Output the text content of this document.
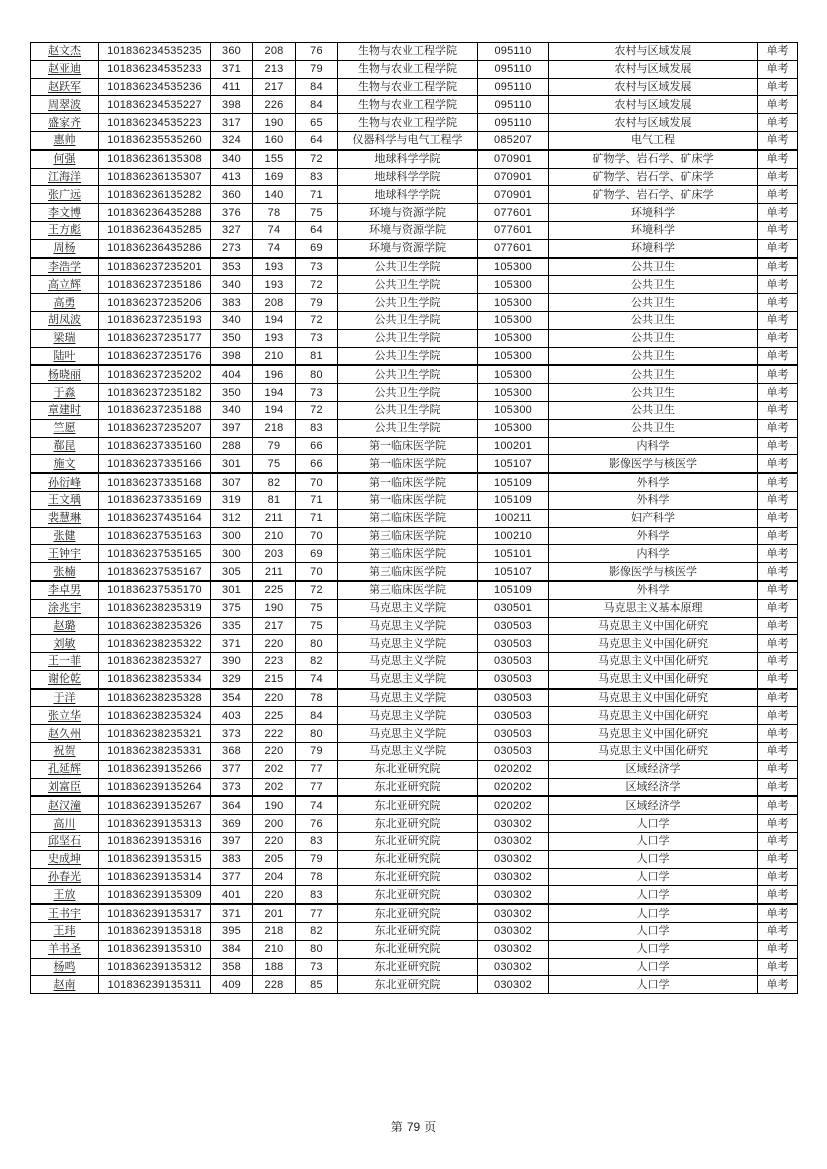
赵文杰	101836234535235	360	208	76	生物与农业工程学院	095110	农村与区域发展	单考
赵亚迪	101836234535233	371	213	79	生物与农业工程学院	095110	农村与区域发展	单考
赵跃军	101836234535236	411	217	84	生物与农业工程学院	095110	农村与区域发展	单考
周翠波	101836234535227	398	226	84	生物与农业工程学院	095110	农村与区域发展	单考
盛家齐	101836234535223	317	190	65	生物与农业工程学院	095110	农村与区域发展	单考
惠帅	101836235535260	324	160	64	仪器科学与电气工程学	085207	电气工程	单考
何强	101836236135308	340	155	72	地球科学学院	070901	矿物学、岩石学、矿床学	单考
江海洋	101836236135307	413	169	83	地球科学学院	070901	矿物学、岩石学、矿床学	单考
张广远	101836236135282	360	140	71	地球科学学院	070901	矿物学、岩石学、矿床学	单考
李文博	101836236435288	376	78	75	环境与资源学院	077601	环境科学	单考
王方彪	101836236435285	327	74	64	环境与资源学院	077601	环境科学	单考
周杨	101836236435286	273	74	69	环境与资源学院	077601	环境科学	单考
李浩学	101836237235201	353	193	73	公共卫生学院	105300	公共卫生	单考
高立辉	101836237235186	340	193	72	公共卫生学院	105300	公共卫生	单考
高勇	101836237235206	383	208	79	公共卫生学院	105300	公共卫生	单考
胡凤波	101836237235193	340	194	72	公共卫生学院	105300	公共卫生	单考
梁瑞	101836237235177	350	193	73	公共卫生学院	105300	公共卫生	单考
陆叶	101836237235176	398	210	81	公共卫生学院	105300	公共卫生	单考
杨晓丽	101836237235202	404	196	80	公共卫生学院	105300	公共卫生	单考
于淼	101836237235182	350	194	73	公共卫生学院	105300	公共卫生	单考
章建时	101836237235188	340	194	72	公共卫生学院	105300	公共卫生	单考
竺愿	101836237235207	397	218	83	公共卫生学院	105300	公共卫生	单考
郗昆	101836237335160	288	79	66	第一临床医学院	100201	内科学	单考
施文	101836237335166	301	75	66	第一临床医学院	105107	影像医学与核医学	单考
孙衍峰	101836237335168	307	82	70	第一临床医学院	105109	外科学	单考
王文瑀	101836237335169	319	81	71	第一临床医学院	105109	外科学	单考
裴慧琳	101836237435164	312	211	71	第二临床医学院	100211	妇产科学	单考
张健	101836237535163	300	210	70	第三临床医学院	100210	外科学	单考
王钟宇	101836237535165	300	203	69	第三临床医学院	105101	内科学	单考
张楠	101836237535167	305	211	70	第三临床医学院	105107	影像医学与核医学	单考
李卓男	101836237535170	301	225	72	第三临床医学院	105109	外科学	单考
涂兆宇	101836238235319	375	190	75	马克思主义学院	030501	马克思主义基本原理	单考
赵璐	101836238235326	335	217	75	马克思主义学院	030503	马克思主义中国化研究	单考
刘敏	101836238235322	371	220	80	马克思主义学院	030503	马克思主义中国化研究	单考
王一菲	101836238235327	390	223	82	马克思主义学院	030503	马克思主义中国化研究	单考
谢伦乾	101836238235334	329	215	74	马克思主义学院	030503	马克思主义中国化研究	单考
于洋	101836238235328	354	220	78	马克思主义学院	030503	马克思主义中国化研究	单考
张立华	101836238235324	403	225	84	马克思主义学院	030503	马克思主义中国化研究	单考
赵久州	101836238235321	373	222	80	马克思主义学院	030503	马克思主义中国化研究	单考
祝贺	101836238235331	368	220	79	马克思主义学院	030503	马克思主义中国化研究	单考
孔延辉	101836239135266	377	202	77	东北亚研究院	020202	区域经济学	单考
刘富臣	101836239135264	373	202	77	东北亚研究院	020202	区域经济学	单考
赵汉潼	101836239135267	364	190	74	东北亚研究院	020202	区域经济学	单考
高川	101836239135313	369	200	76	东北亚研究院	030302	人口学	单考
邱坚石	101836239135316	397	220	83	东北亚研究院	030302	人口学	单考
史成坤	101836239135315	383	205	79	东北亚研究院	030302	人口学	单考
孙春光	101836239135314	377	204	78	东北亚研究院	030302	人口学	单考
王放	101836239135309	401	220	83	东北亚研究院	030302	人口学	单考
王书宇	101836239135317	371	201	77	东北亚研究院	030302	人口学	单考
王玮	101836239135318	395	218	82	东北亚研究院	030302	人口学	单考
羊书圣	101836239135310	384	210	80	东北亚研究院	030302	人口学	单考
杨鸣	101836239135312	358	188	73	东北亚研究院	030302	人口学	单考
赵南	101836239135311	409	228	85	东北亚研究院	030302	人口学	单考
第 79 页
